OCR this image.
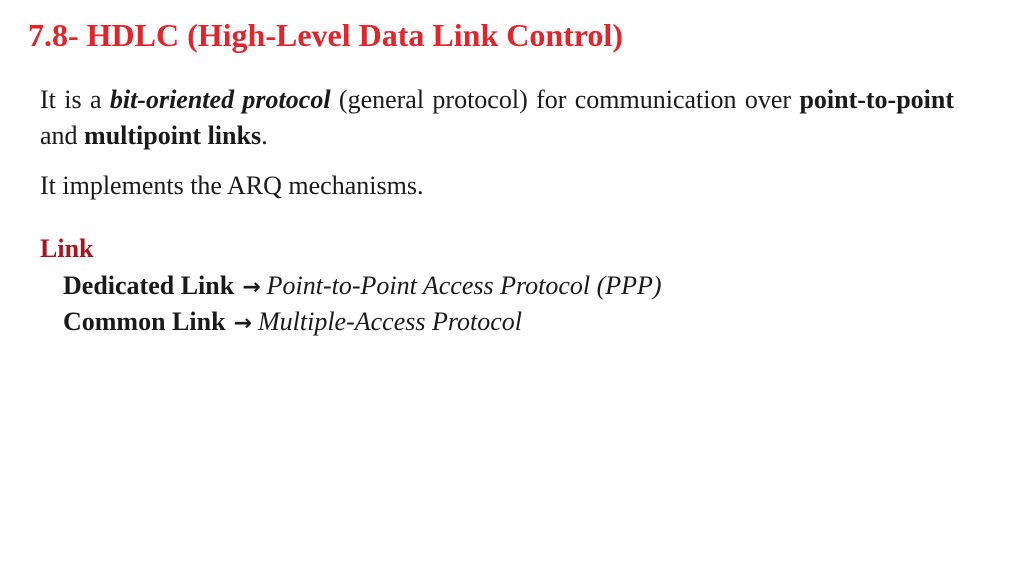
7.8- HDLC (High-Level Data Link Control)

It is a bit-oriented protocol (general protocol) for communication over point-to-point and multipoint links.

It implements the ARQ mechanisms.

Link

Dedicated Link → Point-to-Point Access Protocol (PPP)

Common Link → Multiple-Access Protocol
